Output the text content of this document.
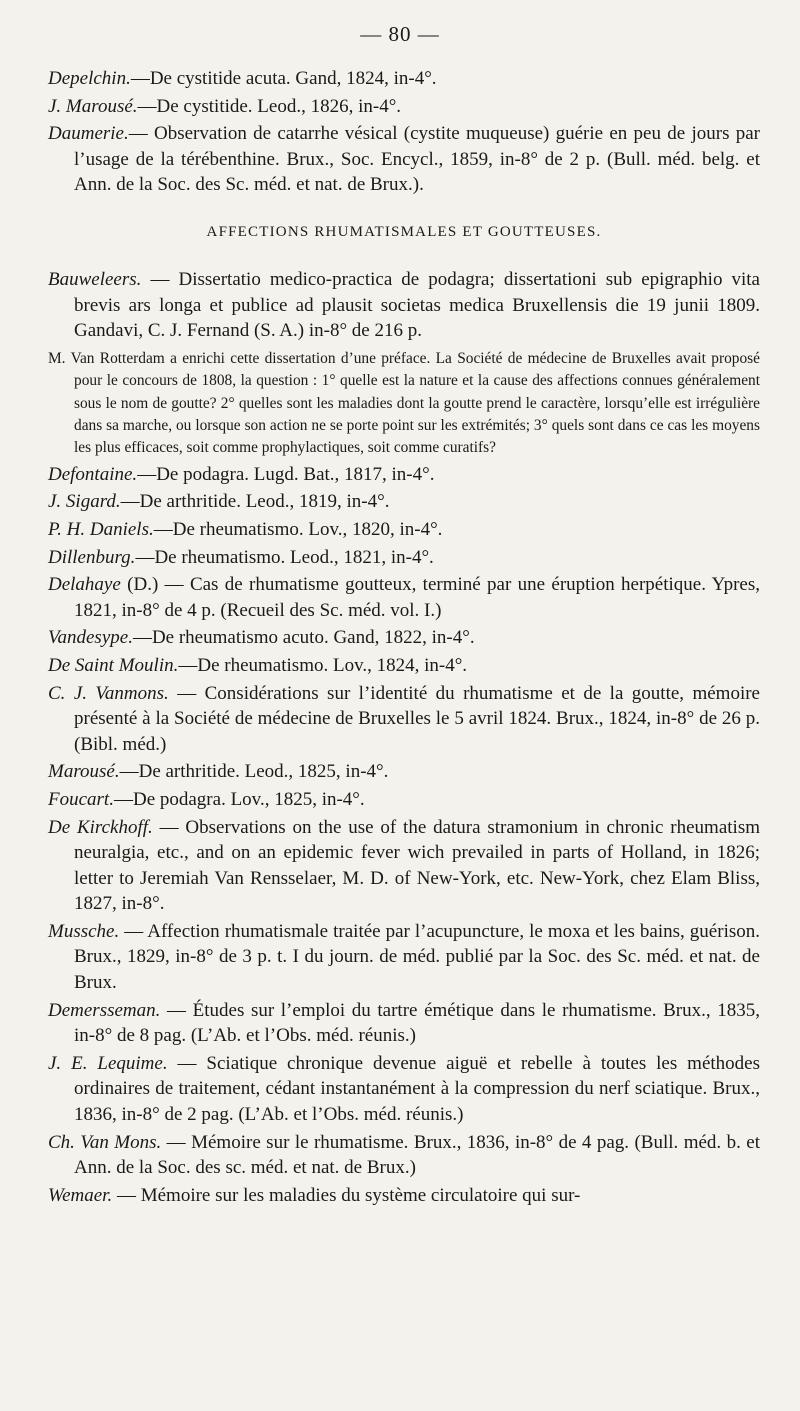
— 80 —

Depelchin.—De cystitide acuta. Gand, 1824, in-4°.

J. Marousé.—De cystitide. Leod., 1826, in-4°.

Daumerie.— Observation de catarrhe vésical (cystite muqueuse) guérie en peu de jours par l’usage de la térébenthine. Brux., Soc. Encycl., 1859, in-8° de 2 p. (Bull. méd. belg. et Ann. de la Soc. des Sc. méd. et nat. de Brux.).

AFFECTIONS RHUMATISMALES ET GOUTTEUSES.

Bauweleers. — Dissertatio medico-practica de podagra; dissertationi sub epigraphio vita brevis ars longa et publice ad plausit societas medica Bruxellensis die 19 junii 1809. Gandavi, C. J. Fernand (S. A.) in-8° de 216 p.

M. Van Rotterdam a enrichi cette dissertation d’une préface. La Société de médecine de Bruxelles avait proposé pour le concours de 1808, la question : 1° quelle est la nature et la cause des affections connues généralement sous le nom de goutte? 2° quelles sont les maladies dont la goutte prend le caractère, lorsqu’elle est irrégulière dans sa marche, ou lorsque son action ne se porte point sur les extrémités; 3° quels sont dans ce cas les moyens les plus efficaces, soit comme prophylactiques, soit comme curatifs?

Defontaine.—De podagra. Lugd. Bat., 1817, in-4°.

J. Sigard.—De arthritide. Leod., 1819, in-4°.

P. H. Daniels.—De rheumatismo. Lov., 1820, in-4°.

Dillenburg.—De rheumatismo. Leod., 1821, in-4°.

Delahaye (D.) — Cas de rhumatisme goutteux, terminé par une éruption herpétique. Ypres, 1821, in-8° de 4 p. (Recueil des Sc. méd. vol. I.)

Vandesype.—De rheumatismo acuto. Gand, 1822, in-4°.

De Saint Moulin.—De rheumatismo. Lov., 1824, in-4°.

C. J. Vanmons. — Considérations sur l’identité du rhumatisme et de la goutte, mémoire présenté à la Société de médecine de Bruxelles le 5 avril 1824. Brux., 1824, in-8° de 26 p. (Bibl. méd.)

Marousé.—De arthritide. Leod., 1825, in-4°.

Foucart.—De podagra. Lov., 1825, in-4°.

De Kirckhoff. — Observations on the use of the datura stramonium in chronic rheumatism neuralgia, etc., and on an epidemic fever wich prevailed in parts of Holland, in 1826; letter to Jeremiah Van Rensselaer, M. D. of New-York, etc. New-York, chez Elam Bliss, 1827, in-8°.

Mussche. — Affection rhumatismale traitée par l’acupuncture, le moxa et les bains, guérison. Brux., 1829, in-8° de 3 p. t. I du journ. de méd. publié par la Soc. des Sc. méd. et nat. de Brux.

Demersseman. — Études sur l’emploi du tartre émétique dans le rhumatisme. Brux., 1835, in-8° de 8 pag. (L’Ab. et l’Obs. méd. réunis.)

J. E. Lequime. — Sciatique chronique devenue aiguë et rebelle à toutes les méthodes ordinaires de traitement, cédant instantanément à la compression du nerf sciatique. Brux., 1836, in-8° de 2 pag. (L’Ab. et l’Obs. méd. réunis.)

Ch. Van Mons. — Mémoire sur le rhumatisme. Brux., 1836, in-8° de 4 pag. (Bull. méd. b. et Ann. de la Soc. des sc. méd. et nat. de Brux.)

Wemaer. — Mémoire sur les maladies du système circulatoire qui sur-
